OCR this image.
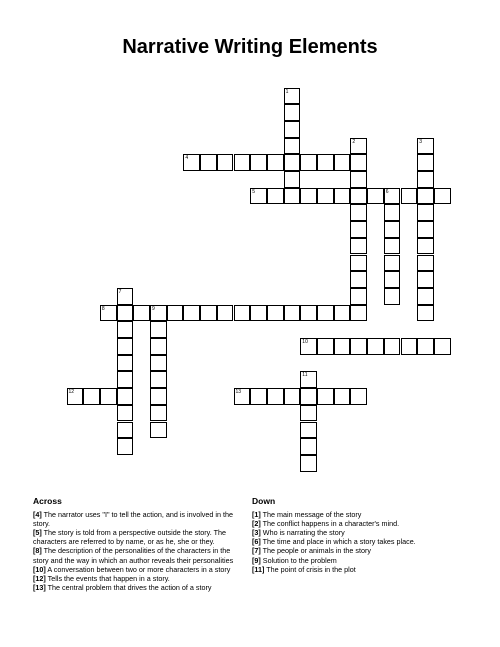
Narrative Writing Elements
1
2	3
4
5	6
7
8	9
10
11
12	13
Across

[4] The narrator uses "I" to tell the action, and is involved in the story.

[5] The story is told from a perspective outside the story. The characters are referred to by name, or as he, she or they.

[8] The description of the personalities of the characters in the story and the way in which an author reveals their personalities

[10] A conversation between two or more characters in a story

[12] Tells the events that happen in a story.

[13] The central problem that drives the action of a story

Down

[1] The main message of the story

[2] The conflict happens in a character's mind.

[3] Who is narrating the story

[6] The time and place in which a story takes place.

[7] The people or animals in the story

[9] Solution to the problem

[11] The point of crisis in the plot
